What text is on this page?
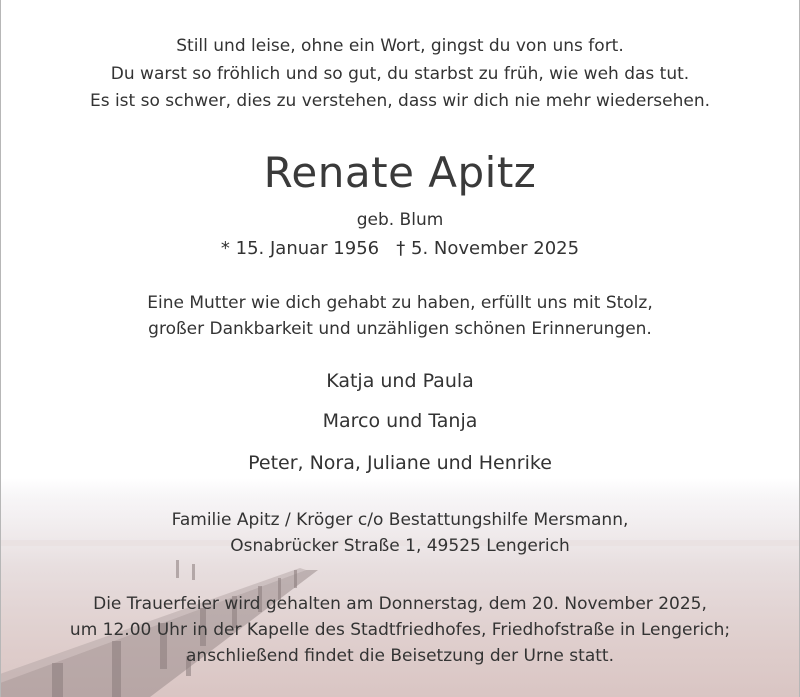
Still und leise, ohne ein Wort, gingst du von uns fort.
Du warst so fröhlich und so gut, du starbst zu früh, wie weh das tut.
Es ist so schwer, dies zu verstehen, dass wir dich nie mehr wiedersehen.
Renate Apitz
geb. Blum
* 15. Januar 1956 † 5. November 2025
Eine Mutter wie dich gehabt zu haben, erfüllt uns mit Stolz,
großer Dankbarkeit und unzähligen schönen Erinnerungen.
Katja und Paula
Marco und Tanja
Peter, Nora, Juliane und Henrike
Familie Apitz / Kröger c/o Bestattungshilfe Mersmann,
Osnabrücker Straße 1, 49525 Lengerich
Die Trauerfeier wird gehalten am Donnerstag, dem 20. November 2025,
um 12.00 Uhr in der Kapelle des Stadtfriedhofes, Friedhofstraße in Lengerich;
anschließend findet die Beisetzung der Urne statt.
